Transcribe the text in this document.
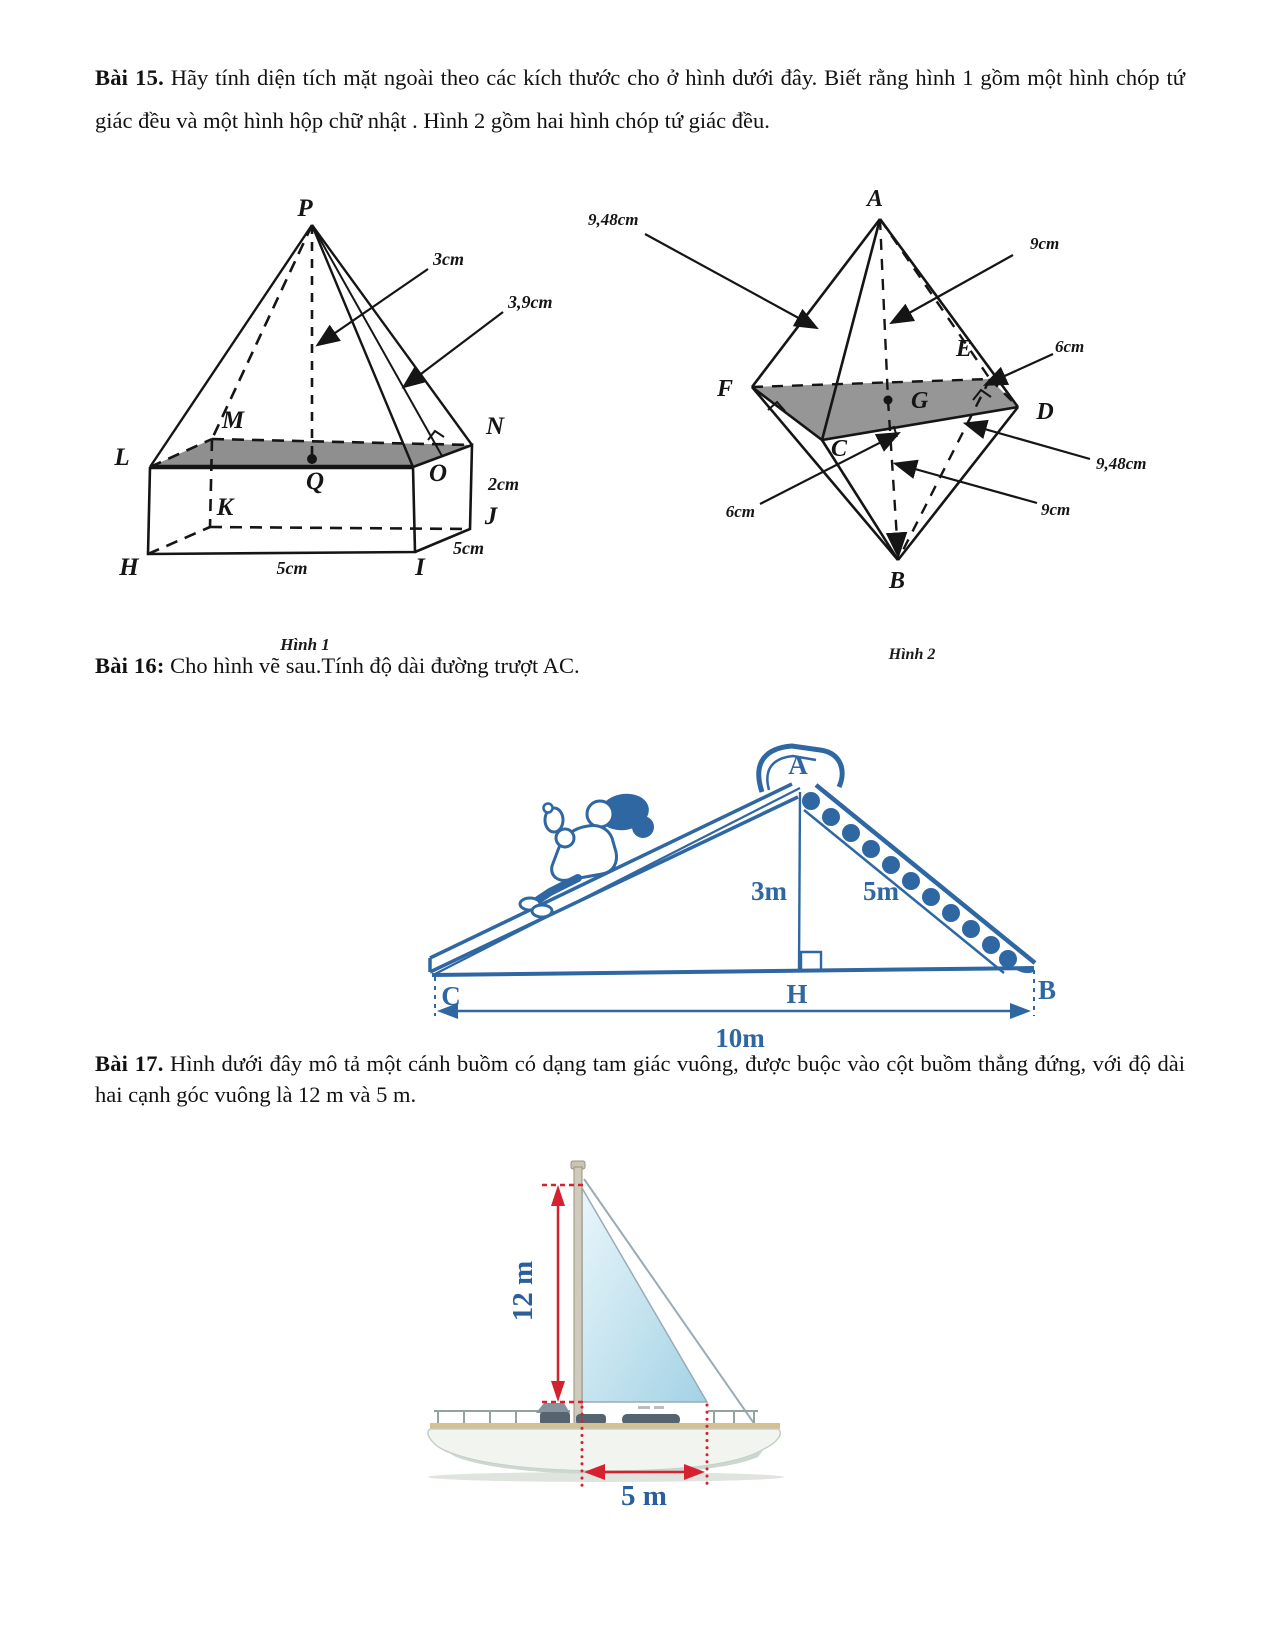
Bài 15. Hãy tính diện tích mặt ngoài theo các kích thước cho ở hình dưới đây. Biết rằng hình 1 gồm một hình chóp tứ giác đều và một hình hộp chữ nhật . Hình 2 gồm hai hình chóp tứ giác đều.

P
M	N
L
Q	O
K	J
H	I
3cm
3,9cm
2cm
5cm
5cm
Hình 1
A
F
E
G	D
C
B
9,48cm
9cm
6cm
9,48cm
9cm
6cm
Hình 2

Bài 16: Cho hình vẽ sau.Tính độ dài đường trượt AC.

A
C	H	B
3m	5m
10m

Bài 17. Hình dưới đây mô tả một cánh buồm có dạng tam giác vuông, được buộc vào cột buồm thẳng đứng, với độ dài hai cạnh góc vuông là 12 m và 5 m.

12 m
5 m
